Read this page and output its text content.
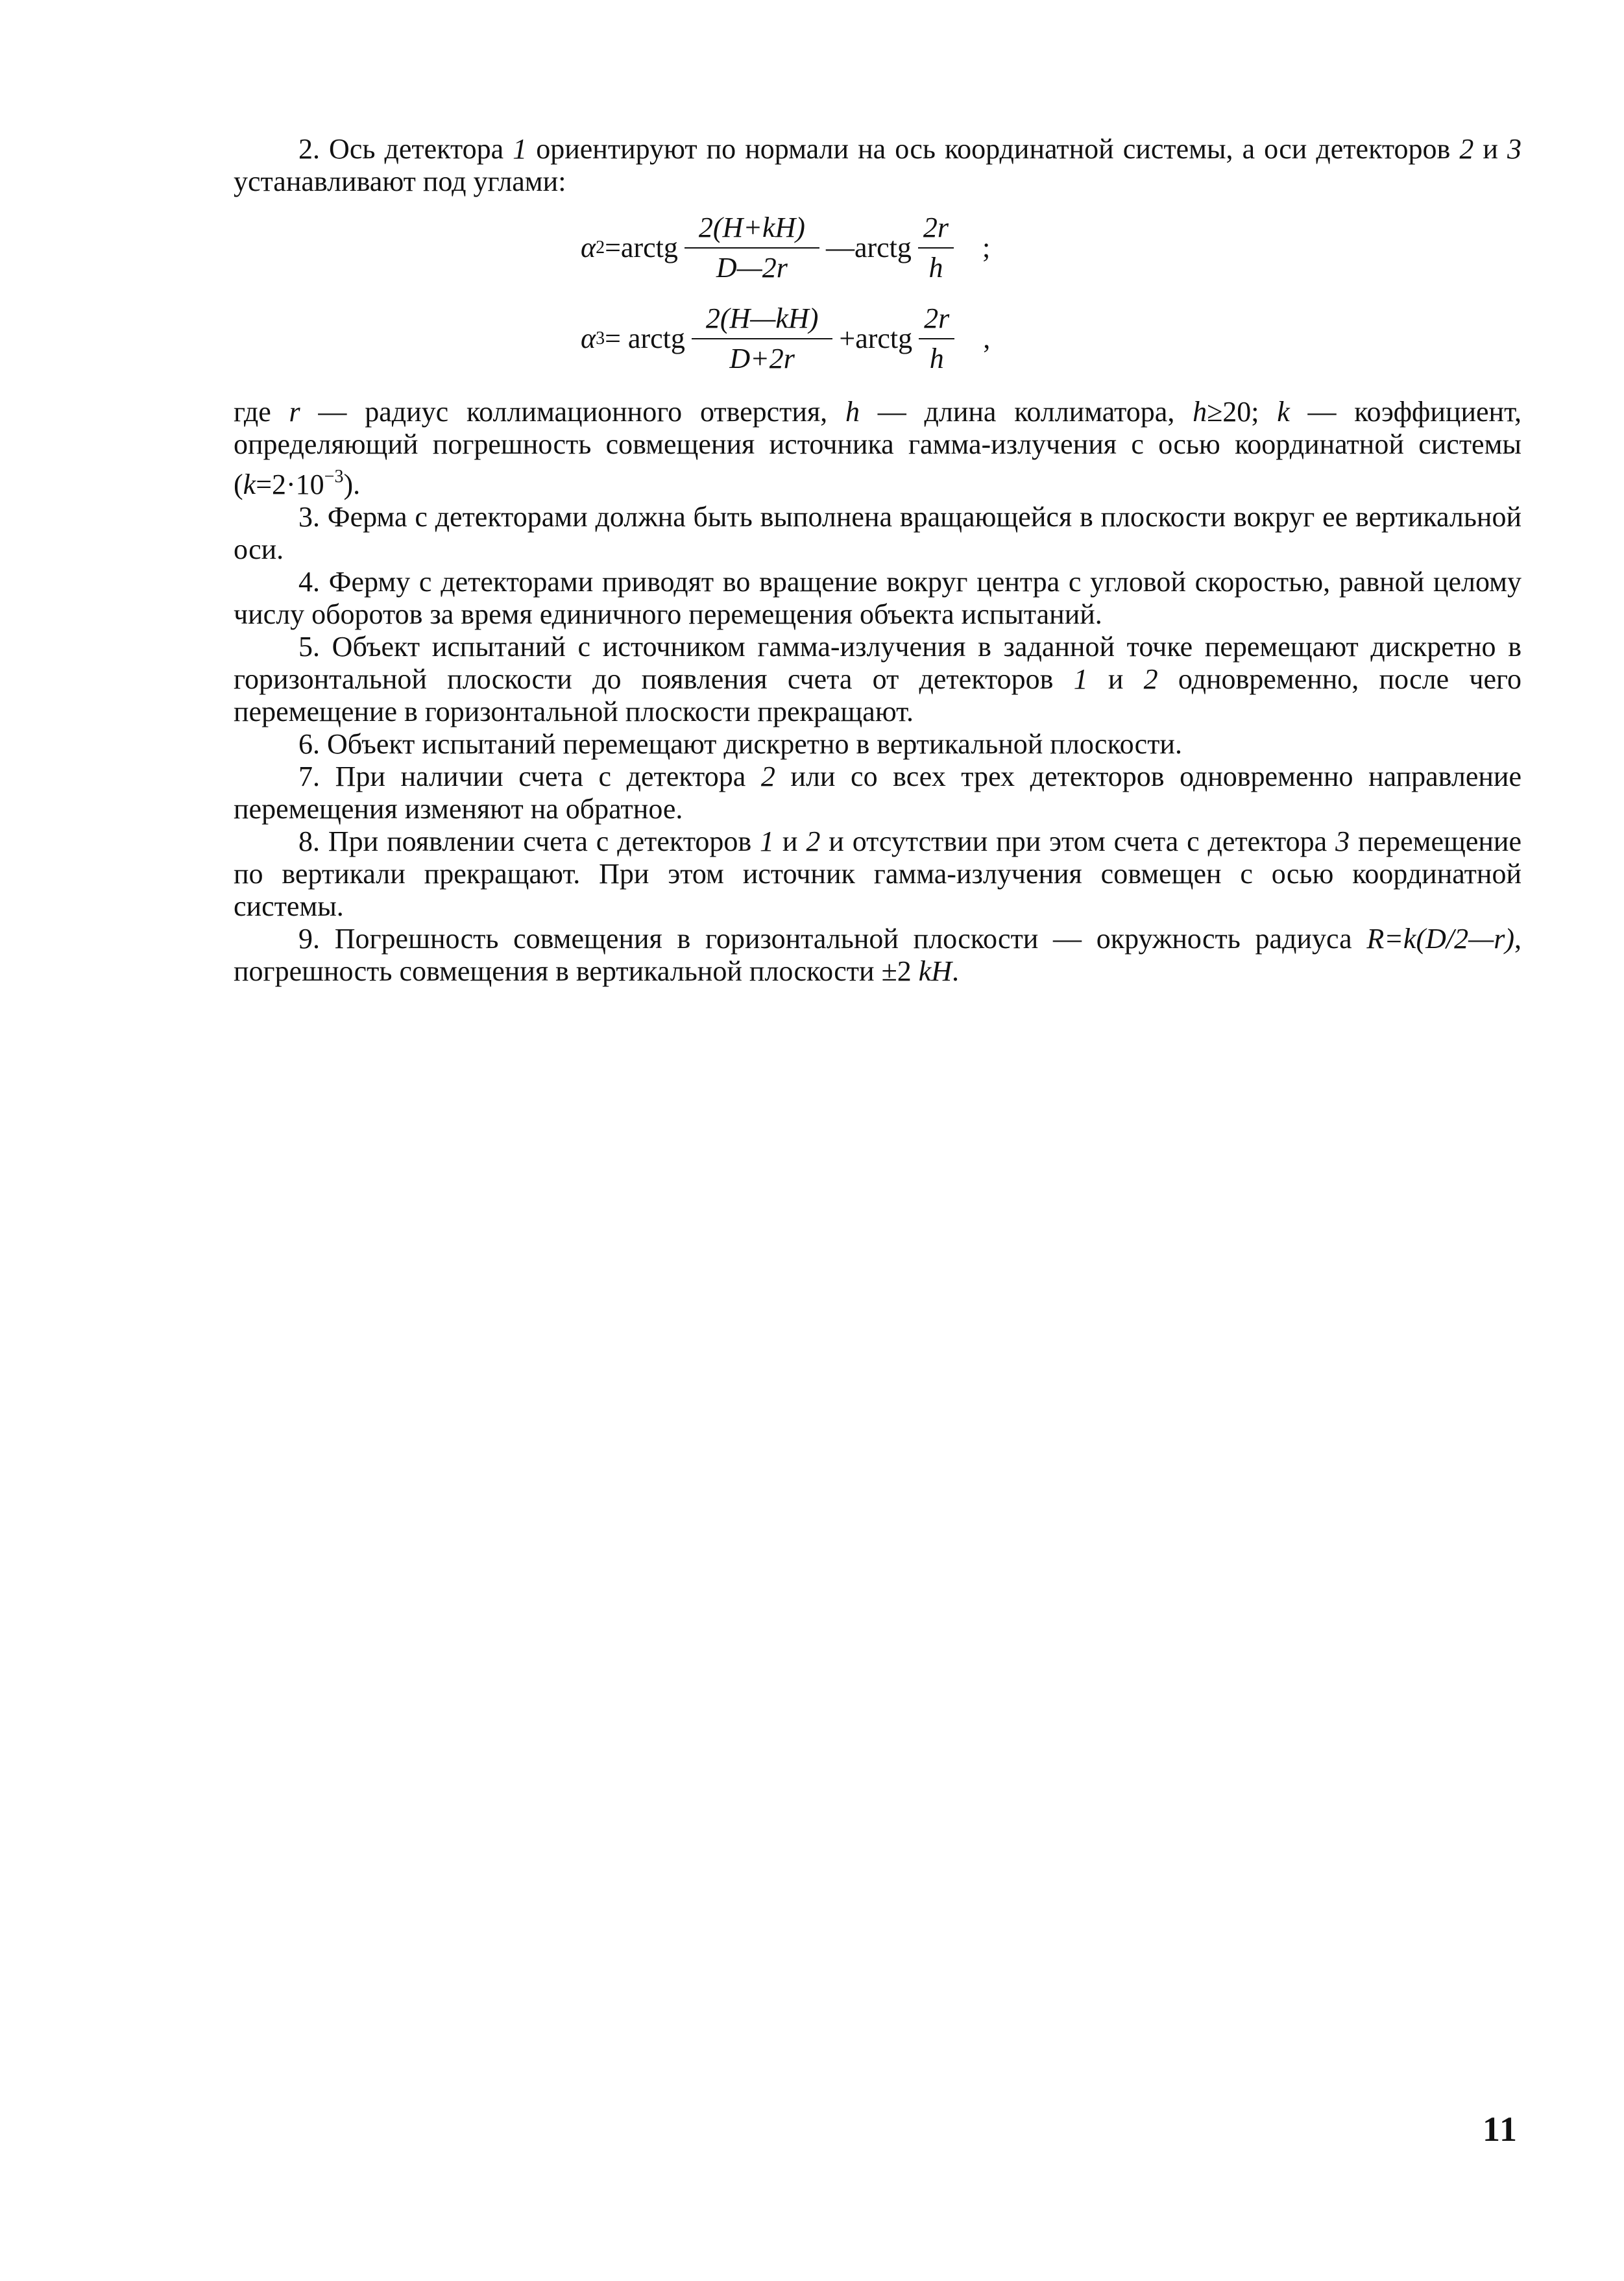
2. Ось детектора 1 ориентируют по нормали на ось координатной системы, а оси детекторов 2 и 3 устанавливают под углами:

α 2 =arctg $\frac{2(H+kH)}{D—2r}$ —arctg $\frac{2r}{h}$ ;
α 3 = arctg $\frac{2(H—kH)}{D+2r}$ +arctg $\frac{2r}{h}$ ,

где r — радиус коллимационного отверстия, h — длина коллиматора, h≥20; k — коэффициент, определяющий погрешность совмещения источника гамма-излучения с осью координатной системы $(k=2\cdot 10^{-3})$.

3. Ферма с детекторами должна быть выполнена вращающейся в плоскости вокруг ее вертикальной оси.

4. Ферму с детекторами приводят во вращение вокруг центра с угловой скоростью, равной целому числу оборотов за время единичного перемещения объекта испытаний.

5. Объект испытаний с источником гамма-излучения в заданной точке перемещают дискретно в горизонтальной плоскости до появления счета от детекторов 1 и 2 одновременно, после чего перемещение в горизонтальной плоскости прекращают.

6. Объект испытаний перемещают дискретно в вертикальной плоскости.

7. При наличии счета с детектора 2 или со всех трех детекторов одновременно направление перемещения изменяют на обратное.

8. При появлении счета с детекторов 1 и 2 и отсутствии при этом счета с детектора 3 перемещение по вертикали прекращают. При этом источник гамма-излучения совмещен с осью координатной системы.

9. Погрешность совмещения в горизонтальной плоскости — окружность радиуса R=k(D/2—r), погрешность совмещения в вертикальной плоскости ±2 kH.

11
